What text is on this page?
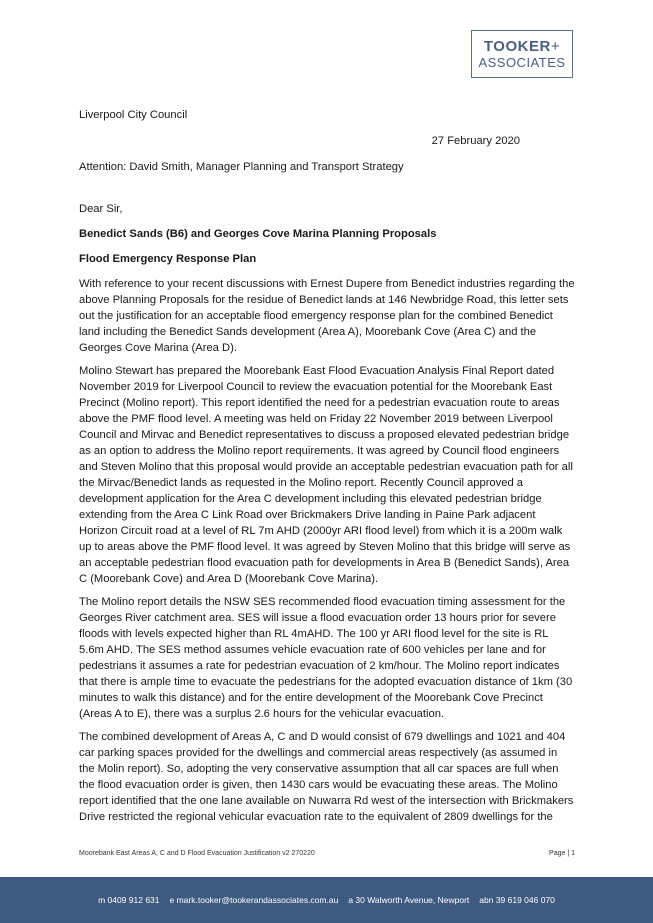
TOOKER+
ASSOCIATES

Liverpool City Council

27 February 2020

Attention: David Smith, Manager Planning and Transport Strategy

Dear Sir,

Benedict Sands (B6) and Georges Cove Marina Planning Proposals

Flood Emergency Response Plan

With reference to your recent discussions with Ernest Dupere from Benedict industries regarding the above Planning Proposals for the residue of Benedict lands at 146 Newbridge Road, this letter sets out the justification for an acceptable flood emergency response plan for the combined Benedict land including the Benedict Sands development (Area A), Moorebank Cove (Area C) and the Georges Cove Marina (Area D).

Molino Stewart has prepared the Moorebank East Flood Evacuation Analysis Final Report dated November 2019 for Liverpool Council to review the evacuation potential for the Moorebank East Precinct (Molino report). This report identified the need for a pedestrian evacuation route to areas above the PMF flood level. A meeting was held on Friday 22 November 2019 between Liverpool Council and Mirvac and Benedict representatives to discuss a proposed elevated pedestrian bridge as an option to address the Molino report requirements. It was agreed by Council flood engineers and Steven Molino that this proposal would provide an acceptable pedestrian evacuation path for all the Mirvac/Benedict lands as requested in the Molino report. Recently Council approved a development application for the Area C development including this elevated pedestrian bridge extending from the Area C Link Road over Brickmakers Drive landing in Paine Park adjacent Horizon Circuit road at a level of RL 7m AHD (2000yr ARI flood level) from which it is a 200m walk up to areas above the PMF flood level. It was agreed by Steven Molino that this bridge will serve as an acceptable pedestrian flood evacuation path for developments in Area B (Benedict Sands), Area C (Moorebank Cove) and Area D (Moorebank Cove Marina).

The Molino report details the NSW SES recommended flood evacuation timing assessment for the Georges River catchment area. SES will issue a flood evacuation order 13 hours prior for severe floods with levels expected higher than RL 4mAHD. The 100 yr ARI flood level for the site is RL 5.6m AHD. The SES method assumes vehicle evacuation rate of 600 vehicles per lane and for pedestrians it assumes a rate for pedestrian evacuation of 2 km/hour. The Molino report indicates that there is ample time to evacuate the pedestrians for the adopted evacuation distance of 1km (30 minutes to walk this distance) and for the entire development of the Moorebank Cove Precinct (Areas A to E), there was a surplus 2.6 hours for the vehicular evacuation.

The combined development of Areas A, C and D would consist of 679 dwellings and 1021 and 404 car parking spaces provided for the dwellings and commercial areas respectively (as assumed in the Molin report). So, adopting the very conservative assumption that all car spaces are full when the flood evacuation order is given, then 1430 cars would be evacuating these areas. The Molino report identified that the one lane available on Nuwarra Rd west of the intersection with Brickmakers Drive restricted the regional vehicular evacuation rate to the equivalent of 2809 dwellings for the

Moorebank East Areas A, C and D Flood Evacuation Justification v2 270220	Page | 1
m 0409 912 631 e mark.tooker@tookerandassociates.com.au a 30 Walworth Avenue, Newport abn 39 619 046 070
